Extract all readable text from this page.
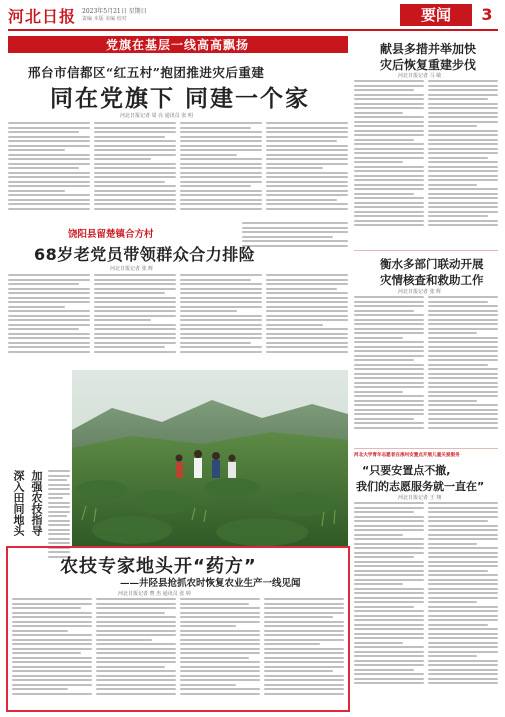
河北日报 2023年5月21日 星期日
责编 本版 美编 校对	要闻	3
党旗在基层一线高高飘扬
邢台市信都区“红五村”抱团推进灾后重建
同在党旗下 同建一个家
河北日报记者 周 亮 通讯员 张 明
饶阳县留楚镇合方村
68岁老党员带领群众合力排险
河北日报记者 张 辉
深入田间地头 加强农技指导
献县多措并举加快
灾后恢复重建步伐
河北日报记者 马 敏
衡水多部门联动开展
灾情核查和救助工作
河北日报记者 张 辉
河北大学青年志愿者在涿州安置点开展儿童关爱服务
“只要安置点不撤,
我们的志愿服务就一直在”
河北日报记者 王 翔
农技专家地头开“药方”
——井陉县抢抓农时恢复农业生产一线见闻
河北日报记者 曹 杰 通讯员 张 婷
